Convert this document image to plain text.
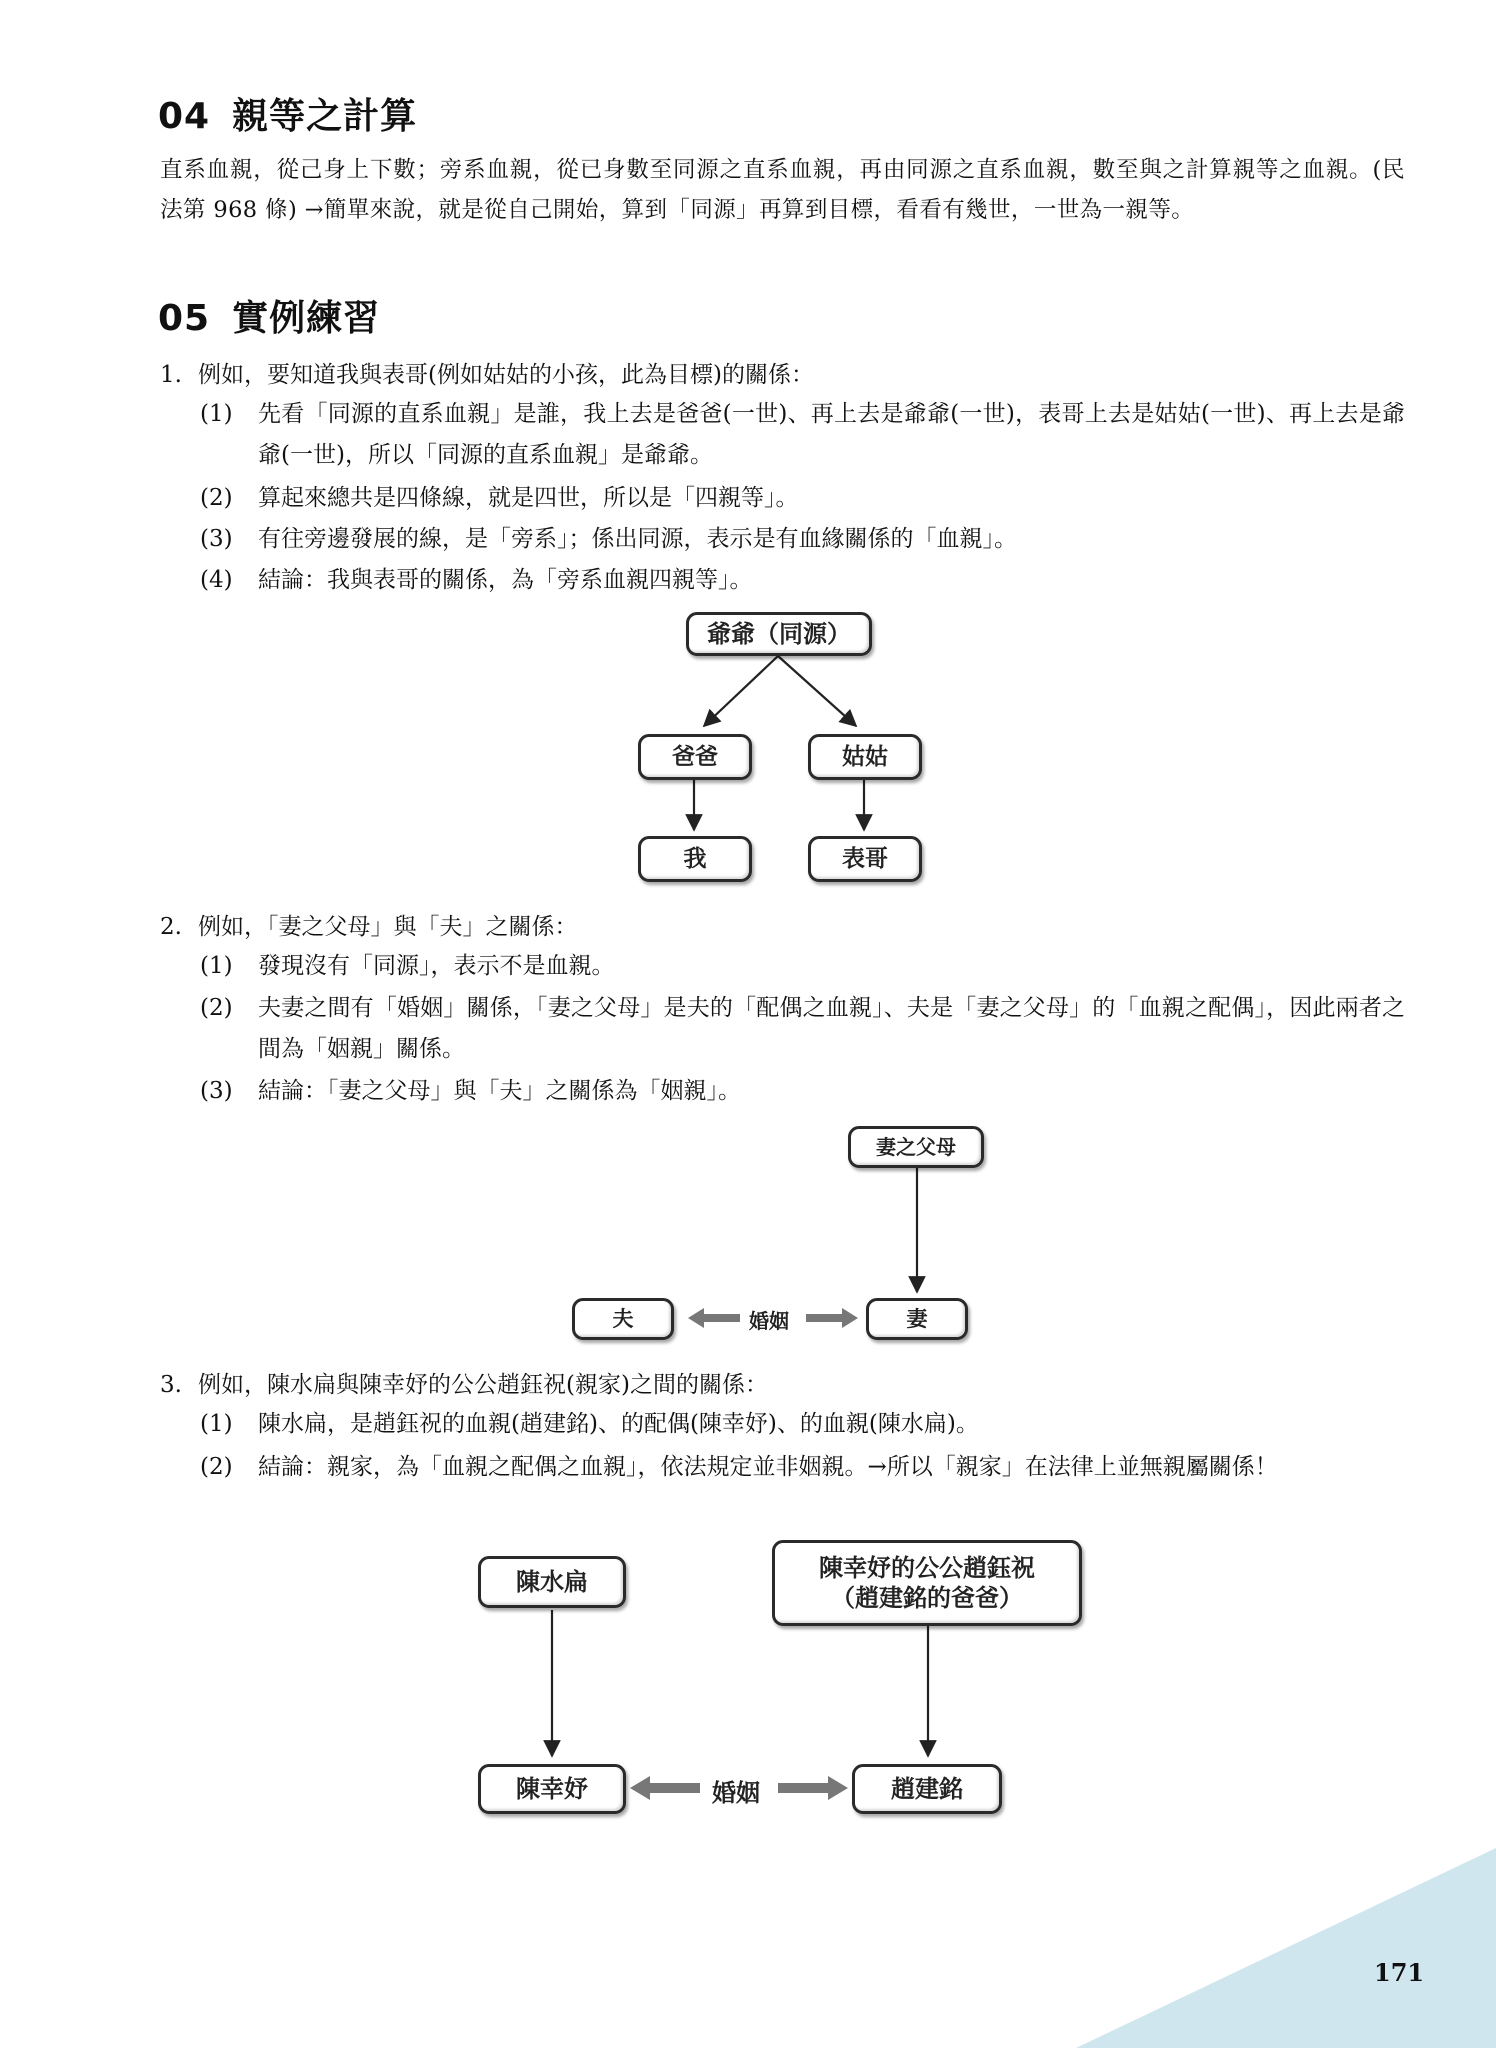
04 親等之計算

直系血親，從己身上下數；旁系血親，從已身數至同源之直系血親，再由同源之直系血親，數至與之計算親等之血親。(民法第 968 條) →簡單來說，就是從自己開始，算到「同源」再算到目標，看看有幾世，一世為一親等。

05 實例練習

1. 例如，要知道我與表哥(例如姑姑的小孩，此為目標)的關係：

(1) 先看「同源的直系血親」是誰，我上去是爸爸(一世)、再上去是爺爺(一世)，表哥上去是姑姑(一世)、再上去是爺爺(一世)，所以「同源的直系血親」是爺爺。
(2) 算起來總共是四條線，就是四世，所以是「四親等」。
(3) 有往旁邊發展的線，是「旁系」；係出同源，表示是有血緣關係的「血親」。
(4) 結論：我與表哥的關係，為「旁系血親四親等」。

2. 例如，「妻之父母」與「夫」之關係：

(1) 發現沒有「同源」，表示不是血親。
(2) 夫妻之間有「婚姻」關係，「妻之父母」是夫的「配偶之血親」、夫是「妻之父母」的「血親之配偶」，因此兩者之間為「姻親」關係。
(3) 結論：「妻之父母」與「夫」之關係為「姻親」。

3. 例如，陳水扁與陳幸妤的公公趙鈺祝(親家)之間的關係：

(1) 陳水扁，是趙鈺祝的血親(趙建銘)、的配偶(陳幸妤)、的血親(陳水扁)。
(2) 結論：親家，為「血親之配偶之血親」，依法規定並非姻親。→所以「親家」在法律上並無親屬關係！
爺爺（同源）
爸爸	姑姑
我	表哥
妻之父母
夫	妻
婚姻
陳水扁	陳幸妤的公公趙鈺祝
（趙建銘的爸爸）
陳幸妤	趙建銘
婚姻
171
